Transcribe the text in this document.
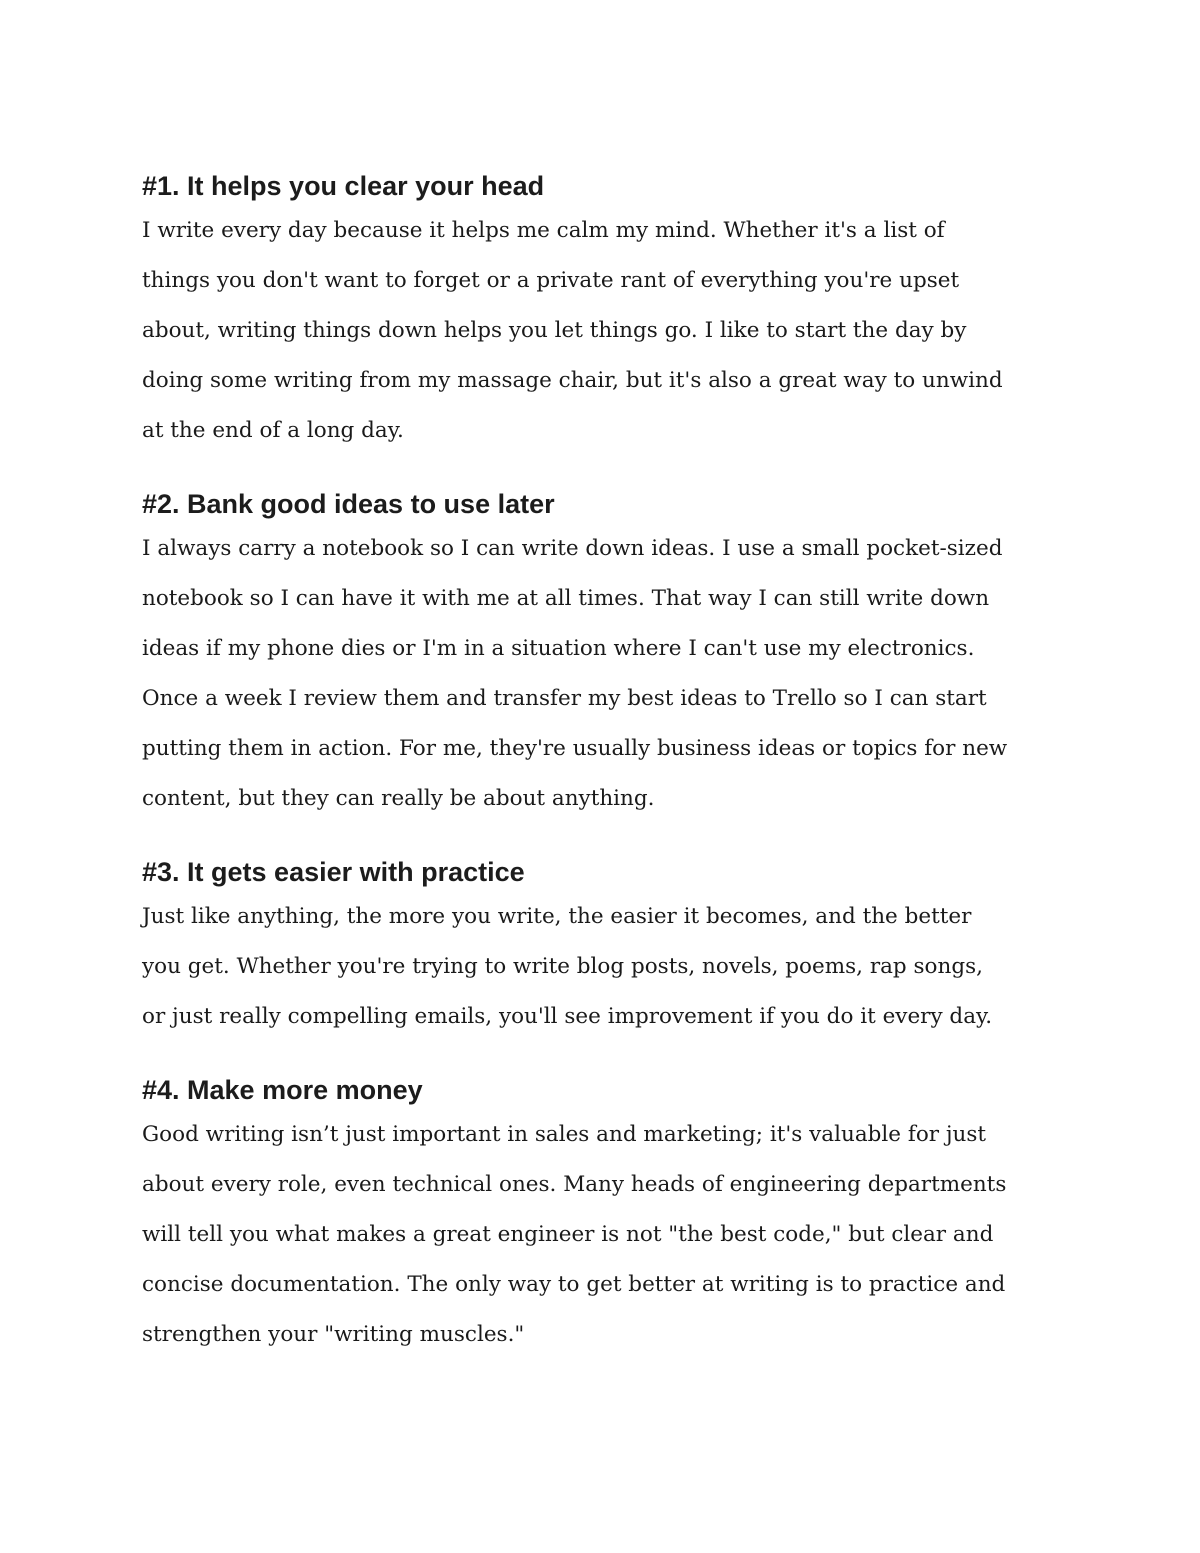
#1. It helps you clear your head

I write every day because it helps me calm my mind. Whether it's a list of
things you don't want to forget or a private rant of everything you're upset
about, writing things down helps you let things go. I like to start the day by
doing some writing from my massage chair, but it's also a great way to unwind
at the end of a long day.

#2. Bank good ideas to use later

I always carry a notebook so I can write down ideas. I use a small pocket-sized
notebook so I can have it with me at all times. That way I can still write down
ideas if my phone dies or I'm in a situation where I can't use my electronics.
Once a week I review them and transfer my best ideas to Trello so I can start
putting them in action. For me, they're usually business ideas or topics for new
content, but they can really be about anything.

#3. It gets easier with practice

Just like anything, the more you write, the easier it becomes, and the better
you get. Whether you're trying to write blog posts, novels, poems, rap songs,
or just really compelling emails, you'll see improvement if you do it every day.

#4. Make more money

Good writing isn’t just important in sales and marketing; it's valuable for just
about every role, even technical ones. Many heads of engineering departments
will tell you what makes a great engineer is not "the best code," but clear and
concise documentation. The only way to get better at writing is to practice and
strengthen your "writing muscles."
